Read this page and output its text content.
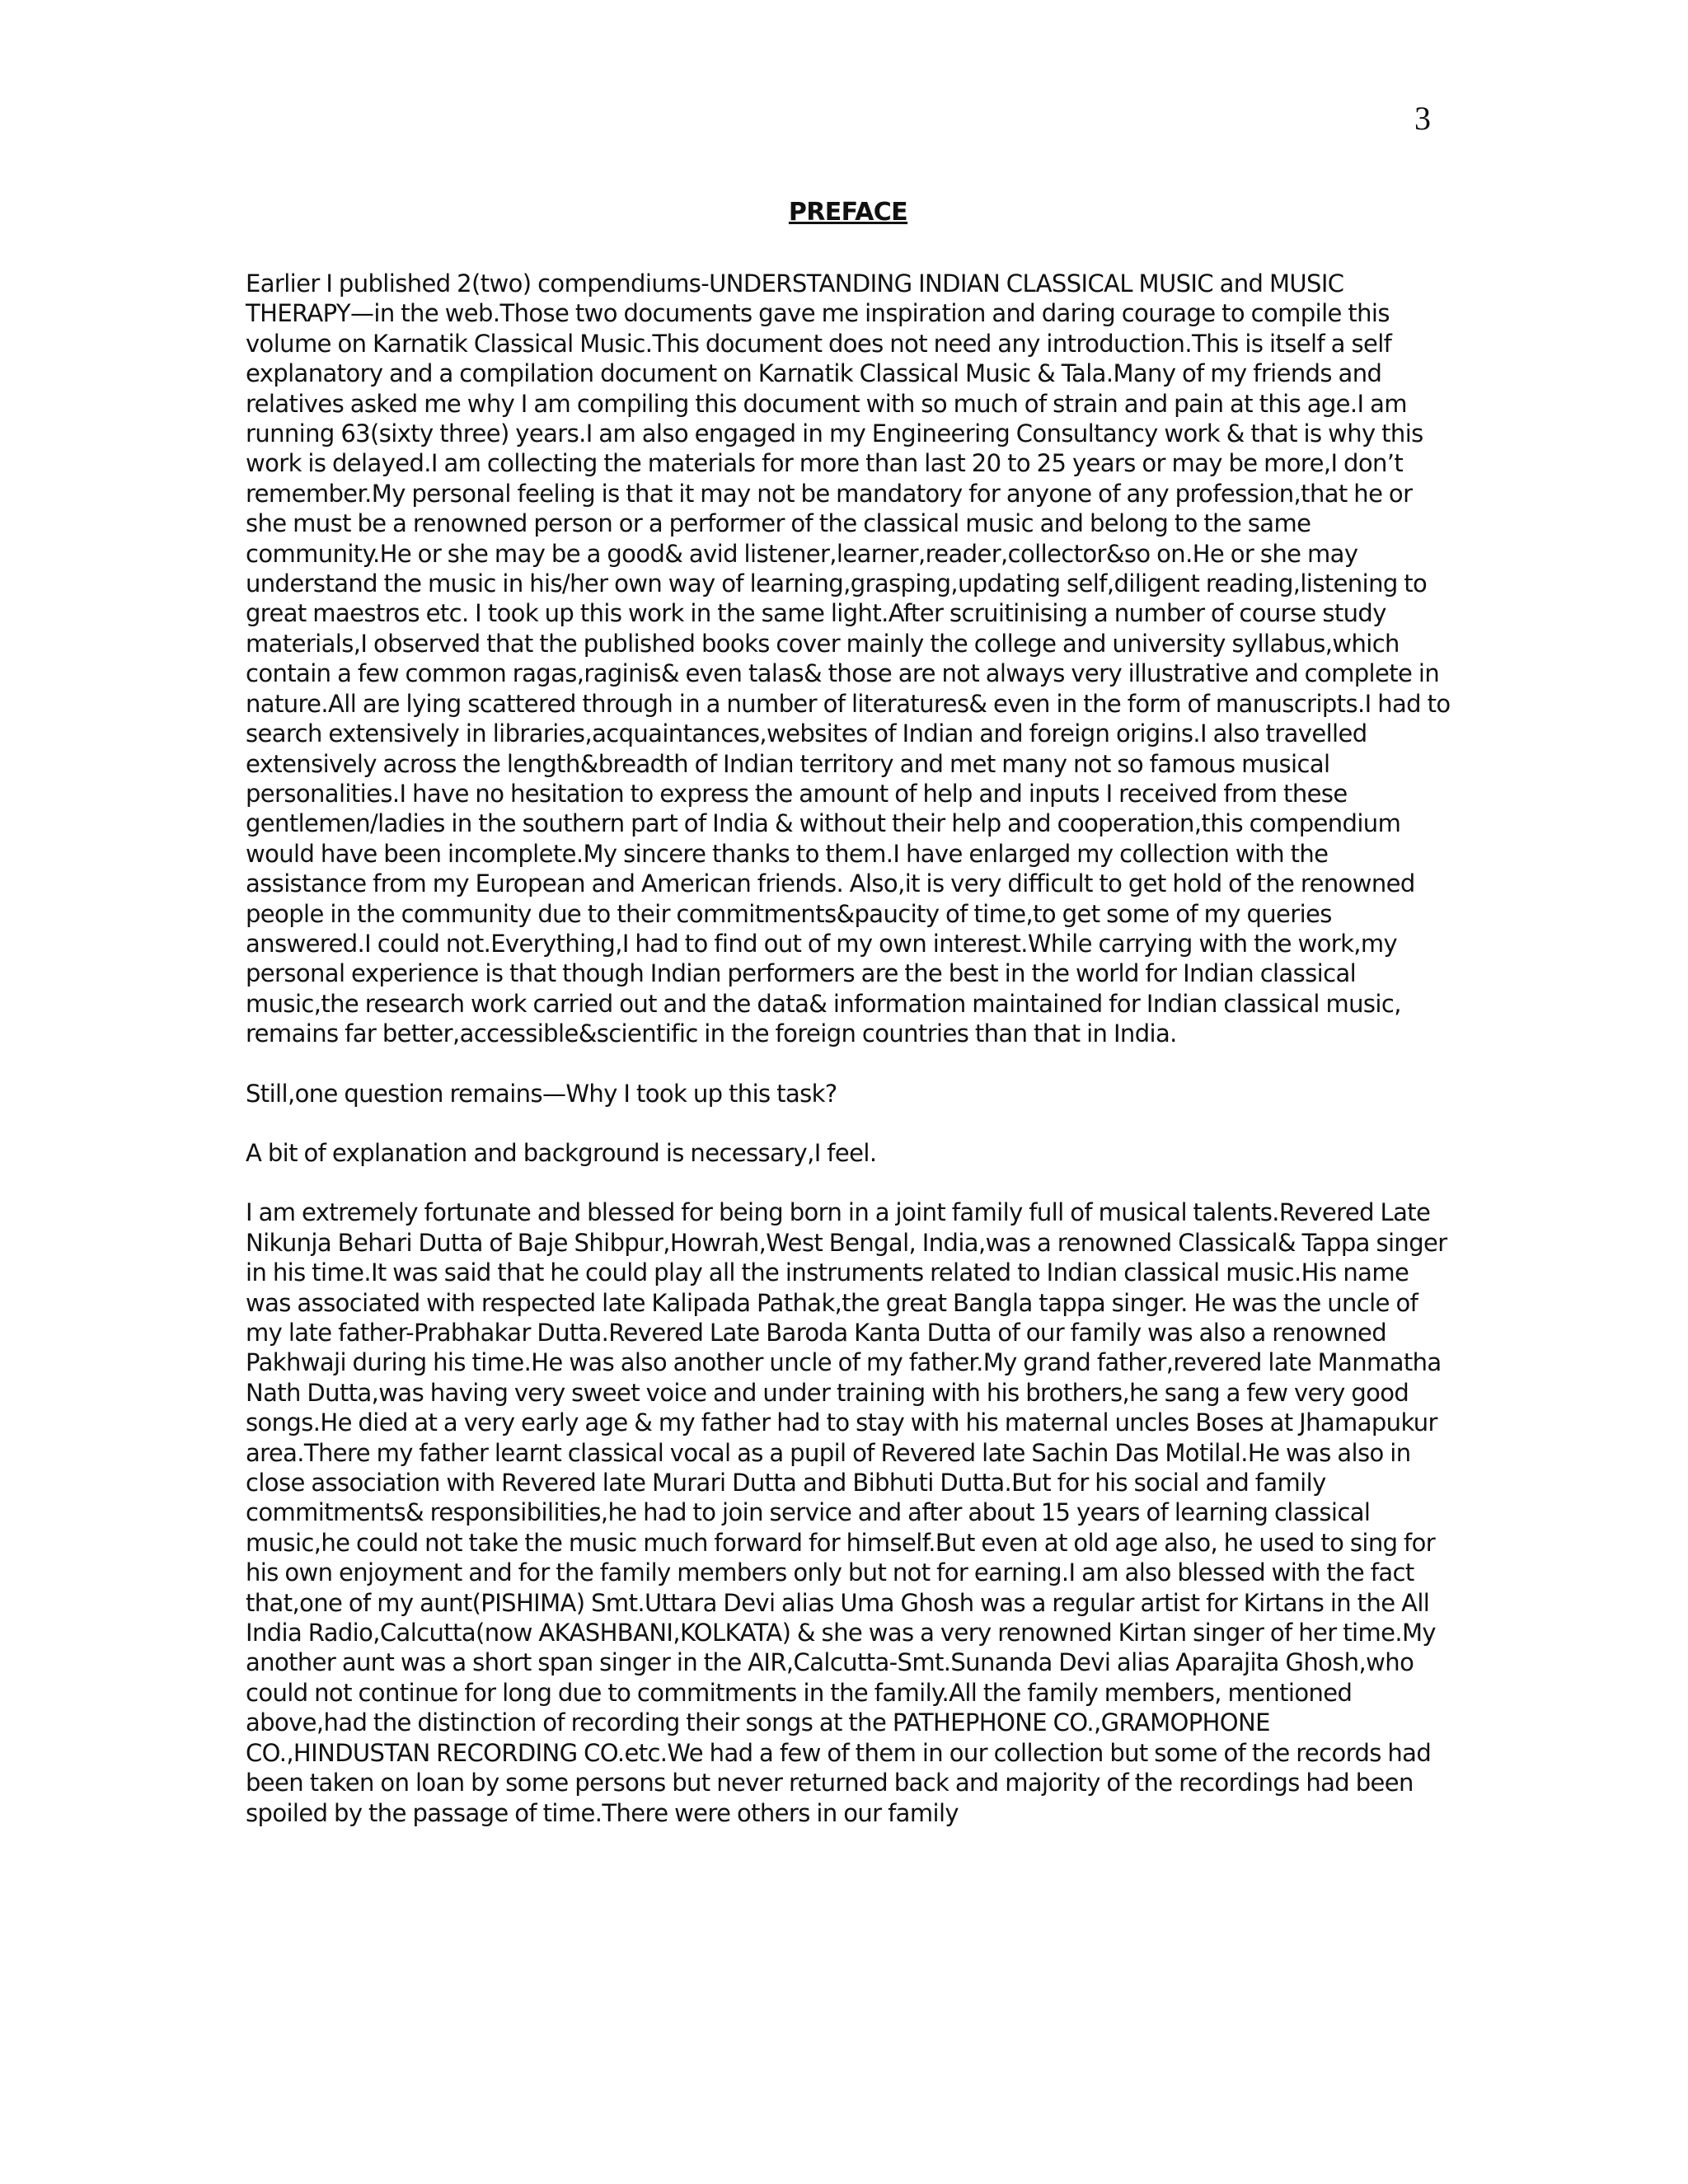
3
PREFACE

Earlier I published 2(two) compendiums-UNDERSTANDING INDIAN CLASSICAL MUSIC and MUSIC THERAPY—in the web.Those two documents gave me inspiration and daring courage to compile this volume on Karnatik Classical Music.This document does not need any introduction.This is itself a self explanatory and a compilation document on Karnatik Classical Music & Tala.Many of my friends and relatives asked me why I am compiling this document with so much of strain and pain at this age.I am running 63(sixty three) years.I am also engaged in my Engineering Consultancy work & that is why this work is delayed.I am collecting the materials for more than last 20 to 25 years or may be more,I don’t remember.My personal feeling is that it may not be mandatory for anyone of any profession,that he or she must be a renowned person or a performer of the classical music and belong to the same community.He or she may be a good& avid listener,learner,reader,collector&so on.He or she may understand the music in his/her own way of learning,grasping,updating self,diligent reading,listening to great maestros etc. I took up this work in the same light.After scruitinising a number of course study materials,I observed that the published books cover mainly the college and university syllabus,which contain a few common ragas,raginis& even talas& those are not always very illustrative and complete in nature.All are lying scattered through in a number of literatures& even in the form of manuscripts.I had to search extensively in libraries,acquaintances,websites of Indian and foreign origins.I also travelled extensively across the length&breadth of Indian territory and met many not so famous musical personalities.I have no hesitation to express the amount of help and inputs I received from these gentlemen/ladies in the southern part of India & without their help and cooperation,this compendium would have been incomplete.My sincere thanks to them.I have enlarged my collection with the assistance from my European and American friends. Also,it is very difficult to get hold of the renowned people in the community due to their commitments&paucity of time,to get some of my queries answered.I could not.Everything,I had to find out of my own interest.While carrying with the work,my personal experience is that though Indian performers are the best in the world for Indian classical music,the research work carried out and the data& information maintained for Indian classical music, remains far better,accessible&scientific in the foreign countries than that in India.

Still,one question remains—Why I took up this task?

A bit of explanation and background is necessary,I feel.

I am extremely fortunate and blessed for being born in a joint family full of musical talents.Revered Late Nikunja Behari Dutta of Baje Shibpur,Howrah,West Bengal, India,was a renowned Classical& Tappa singer in his time.It was said that he could play all the instruments related to Indian classical music.His name was associated with respected late Kalipada Pathak,the great Bangla tappa singer. He was the uncle of my late father-Prabhakar Dutta.Revered Late Baroda Kanta Dutta of our family was also a renowned Pakhwaji during his time.He was also another uncle of my father.My grand father,revered late Manmatha Nath Dutta,was having very sweet voice and under training with his brothers,he sang a few very good songs.He died at a very early age & my father had to stay with his maternal uncles Boses at Jhamapukur area.There my father learnt classical vocal as a pupil of Revered late Sachin Das Motilal.He was also in close association with Revered late Murari Dutta and Bibhuti Dutta.But for his social and family commitments& responsibilities,he had to join service and after about 15 years of learning classical music,he could not take the music much forward for himself.But even at old age also, he used to sing for his own enjoyment and for the family members only but not for earning.I am also blessed with the fact that,one of my aunt(PISHIMA) Smt.Uttara Devi alias Uma Ghosh was a regular artist for Kirtans in the All India Radio,Calcutta(now AKASHBANI,KOLKATA) & she was a very renowned Kirtan singer of her time.My another aunt was a short span singer in the AIR,Calcutta-Smt.Sunanda Devi alias Aparajita Ghosh,who could not continue for long due to commitments in the family.All the family members, mentioned above,had the distinction of recording their songs at the PATHEPHONE CO.,GRAMOPHONE CO.,HINDUSTAN RECORDING CO.etc.We had a few of them in our collection but some of the records had been taken on loan by some persons but never returned back and majority of the recordings had been spoiled by the passage of time.There were others in our family
